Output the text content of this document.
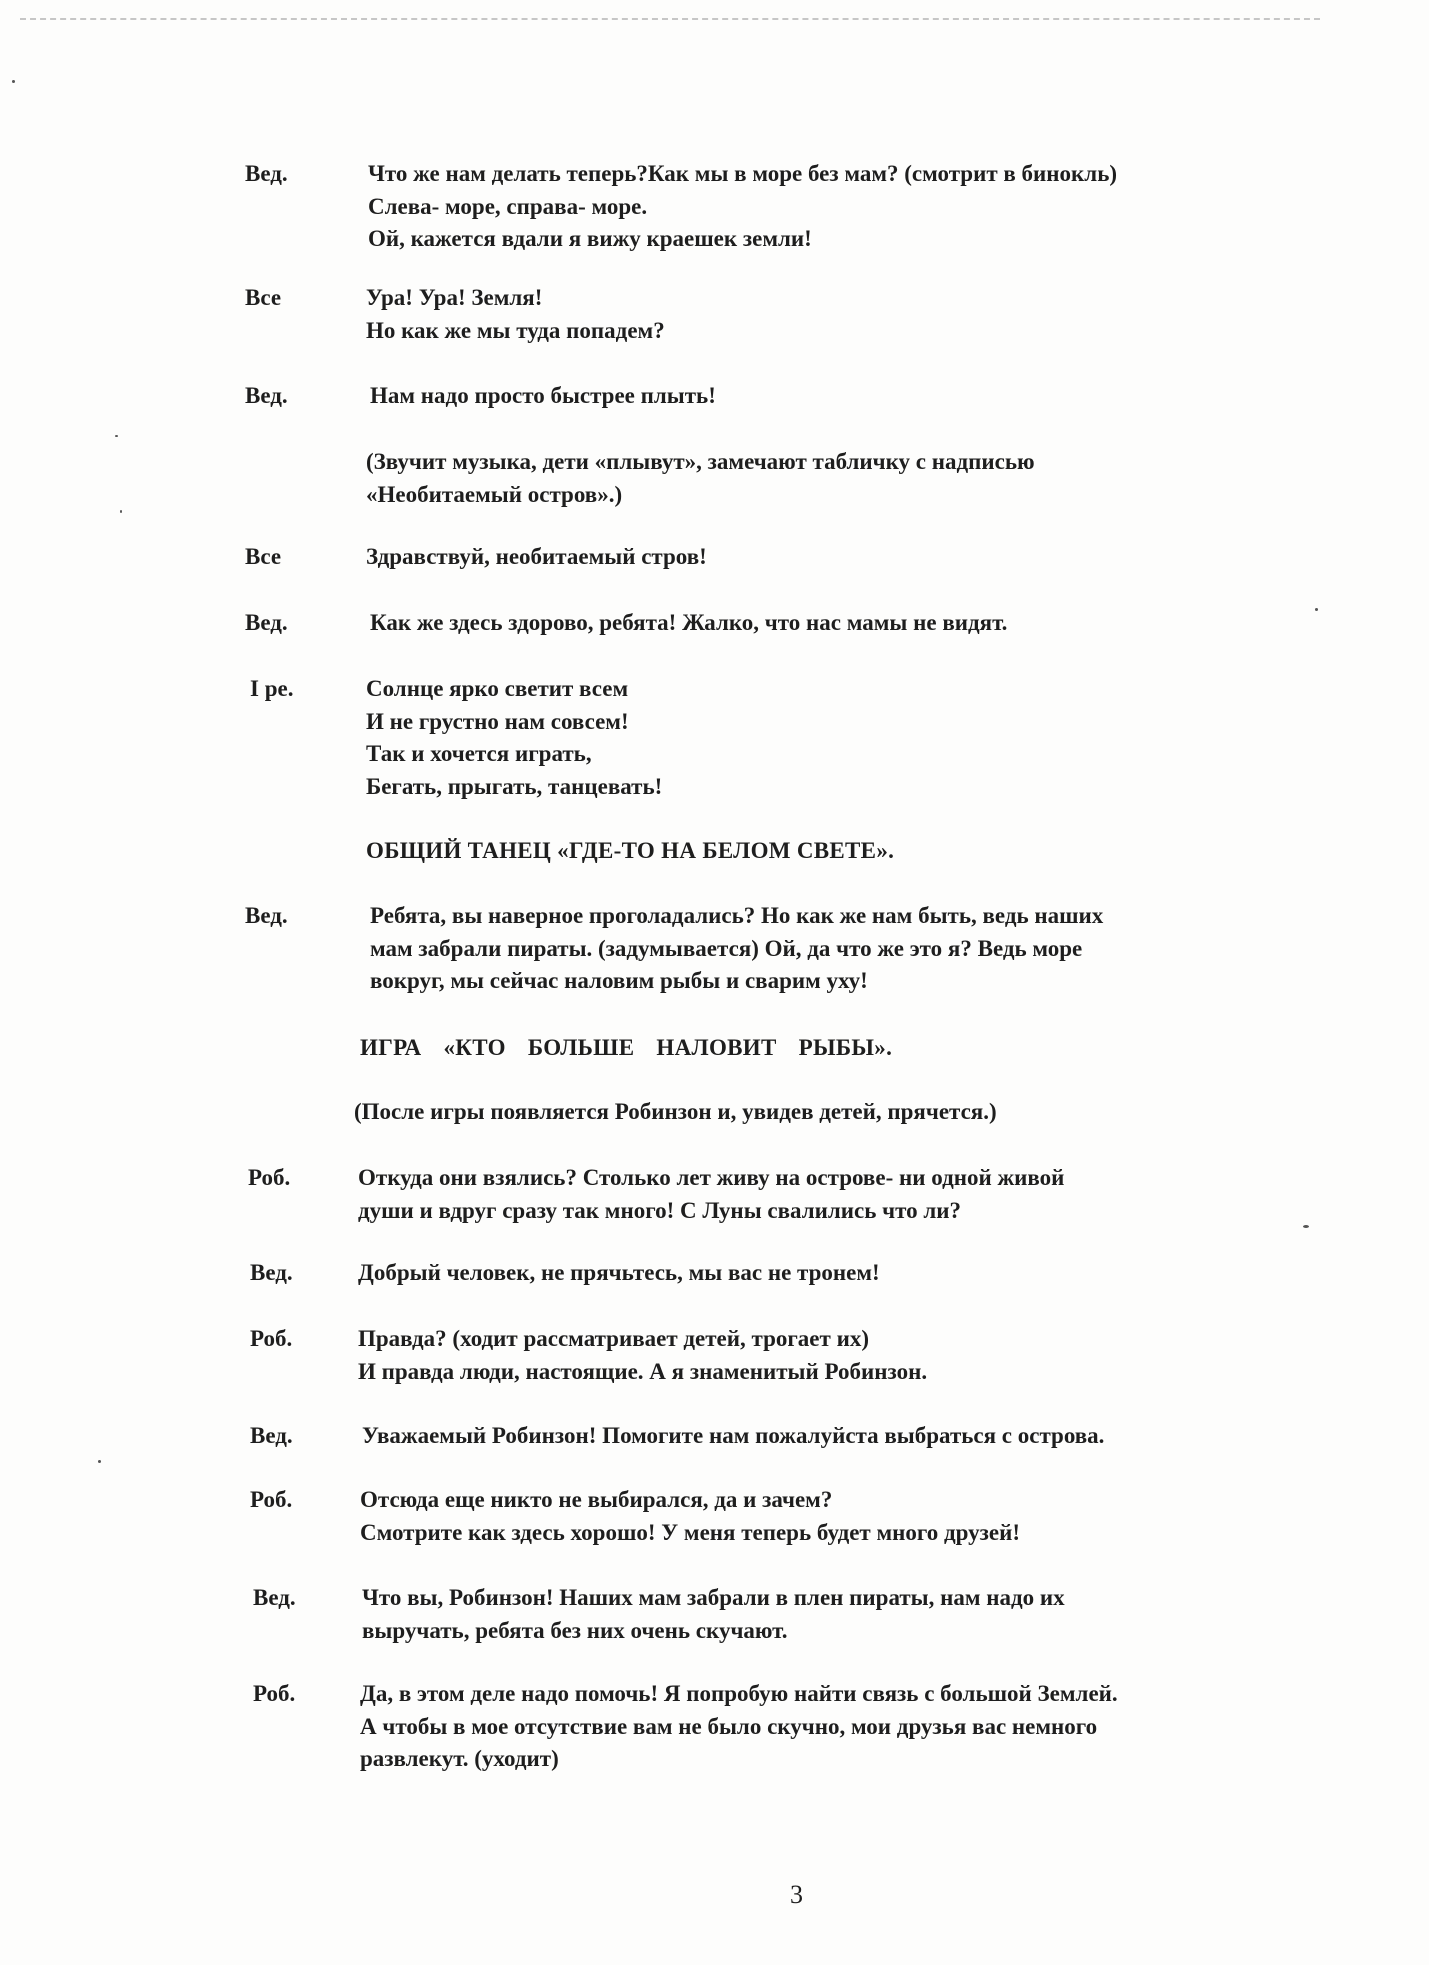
Вед.	Что же нам делать теперь?Как мы в море без мам? (смотрит в бинокль)
Слева- море, справа- море.
Ой, кажется вдали я вижу краешек земли!
Все	Ура! Ура! Земля!
Но как же мы туда попадем?
Вед.	Нам надо просто быстрее плыть!
(Звучит музыка, дети «плывут», замечают табличку с надписью
«Необитаемый остров».)
Все	Здравствуй, необитаемый стров!
Вед.	Как же здесь здорово, ребята! Жалко, что нас мамы не видят.
I ре.	Солнце ярко светит всем
И не грустно нам совсем!
Так и хочется играть,
Бегать, прыгать, танцевать!
ОБЩИЙ ТАНЕЦ «ГДЕ-ТО НА БЕЛОМ СВЕТЕ».
Вед.	Ребята, вы наверное проголадались? Но как же нам быть, ведь наших
мам забрали пираты. (задумывается) Ой, да что же это я? Ведь море
вокруг, мы сейчас наловим рыбы и сварим уху!
ИГРА «КТО БОЛЬШЕ НАЛОВИТ РЫБЫ».
(После игры появляется Робинзон и, увидев детей, прячется.)
Роб.	Откуда они взялись? Столько лет живу на острове- ни одной живой
души и вдруг сразу так много! С Луны свалились что ли?
Вед.	Добрый человек, не прячьтесь, мы вас не тронем!
Роб.	Правда? (ходит рассматривает детей, трогает их)
И правда люди, настоящие. А я знаменитый Робинзон.
Вед.	Уважаемый Робинзон! Помогите нам пожалуйста выбраться с острова.
Роб.	Отсюда еще никто не выбирался, да и зачем?
Смотрите как здесь хорошо! У меня теперь будет много друзей!
Вед.	Что вы, Робинзон! Наших мам забрали в плен пираты, нам надо их
выручать, ребята без них очень скучают.
Роб.	Да, в этом деле надо помочь! Я попробую найти связь с большой Землей.
А чтобы в мое отсутствие вам не было скучно, мои друзья вас немного
развлекут. (уходит)
3
